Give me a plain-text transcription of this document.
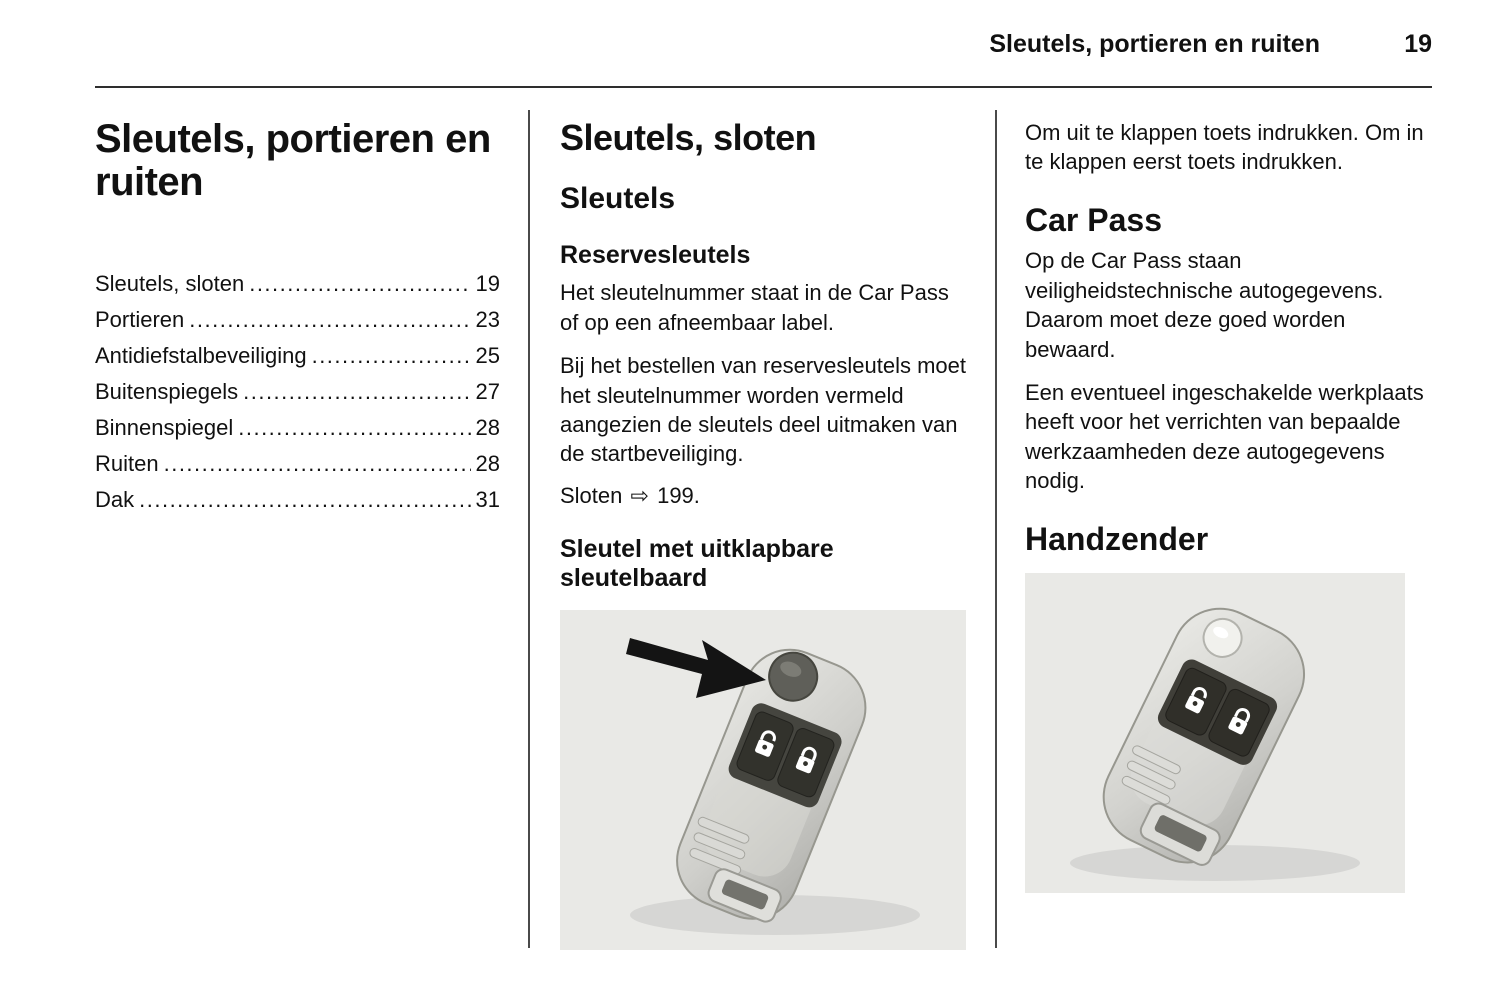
Sleutels, portieren en ruiten	19
Sleutels, portieren en ruiten
Sleutels, sloten .....	19
Portieren .....	23
Antidiefstalbeveiliging .....	25
Buitenspiegels .....	27
Binnenspiegel .....	28
Ruiten .....	28
Dak .....	31
Sleutels, sloten
Sleutels
Reservesleutels

Het sleutelnummer staat in de Car Pass of op een afneembaar label.

Bij het bestellen van reservesleutels moet het sleutelnummer worden vermeld aangezien de sleutels deel uitmaken van de startbeveiliging.

Sloten ⇨ 199.

Sleutel met uitklapbare sleutelbaard

Om uit te klappen toets indrukken. Om in te klappen eerst toets indrukken.

Car Pass

Op de Car Pass staan veiligheidstechnische autogegevens. Daarom moet deze goed worden bewaard.

Een eventueel ingeschakelde werkplaats heeft voor het verrichten van bepaalde werkzaamheden deze autogegevens nodig.

Handzender
